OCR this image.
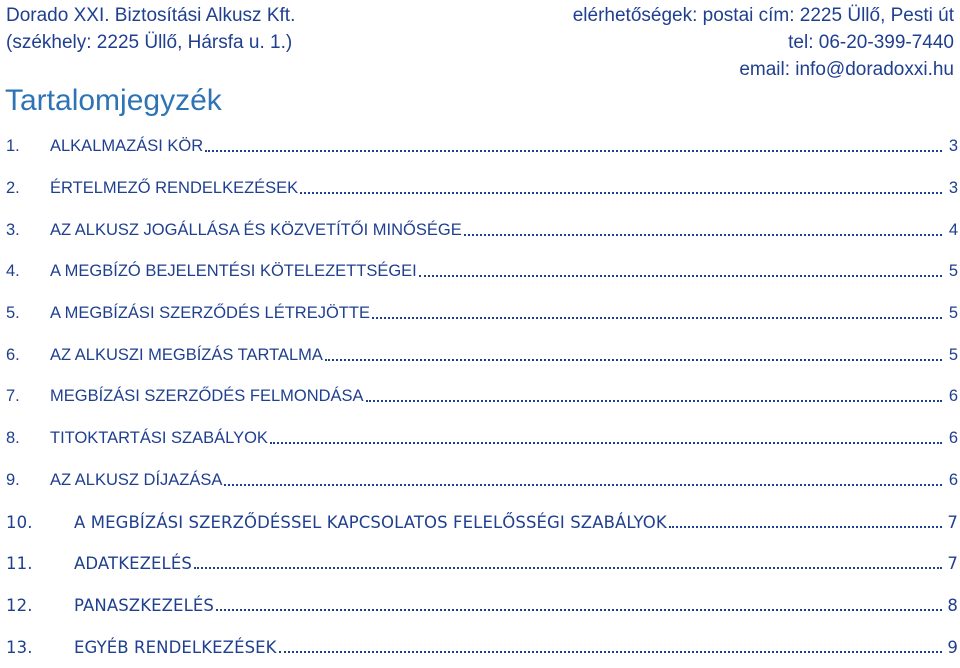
Dorado XXI. Biztosítási Alkusz Kft.
(székhely: 2225 Üllő, Hársfa u. 1.)
elérhetőségek: postai cím: 2225 Üllő, Pesti út
tel: 06-20-399-7440
email: info@doradoxxi.hu
Tartalomjegyzék
1.	ALKALMAZÁSI KÖR	3
2.	ÉRTELMEZŐ RENDELKEZÉSEK	3
3.	AZ ALKUSZ JOGÁLLÁSA ÉS KÖZVETÍTŐI MINŐSÉGE	4
4.	A MEGBÍZÓ BEJELENTÉSI KÖTELEZETTSÉGEI	5
5.	A MEGBÍZÁSI SZERZŐDÉS LÉTREJÖTTE	5
6.	AZ ALKUSZI MEGBÍZÁS TARTALMA	5
7.	MEGBÍZÁSI SZERZŐDÉS FELMONDÁSA	6
8.	TITOKTARTÁSI SZABÁLYOK	6
9.	AZ ALKUSZ DÍJAZÁSA	6
10.	A MEGBÍZÁSI SZERZŐDÉSSEL KAPCSOLATOS FELELŐSSÉGI SZABÁLYOK	7
11.	ADATKEZELÉS	7
12.	PANASZKEZELÉS	8
13.	EGYÉB RENDELKEZÉSEK	9
